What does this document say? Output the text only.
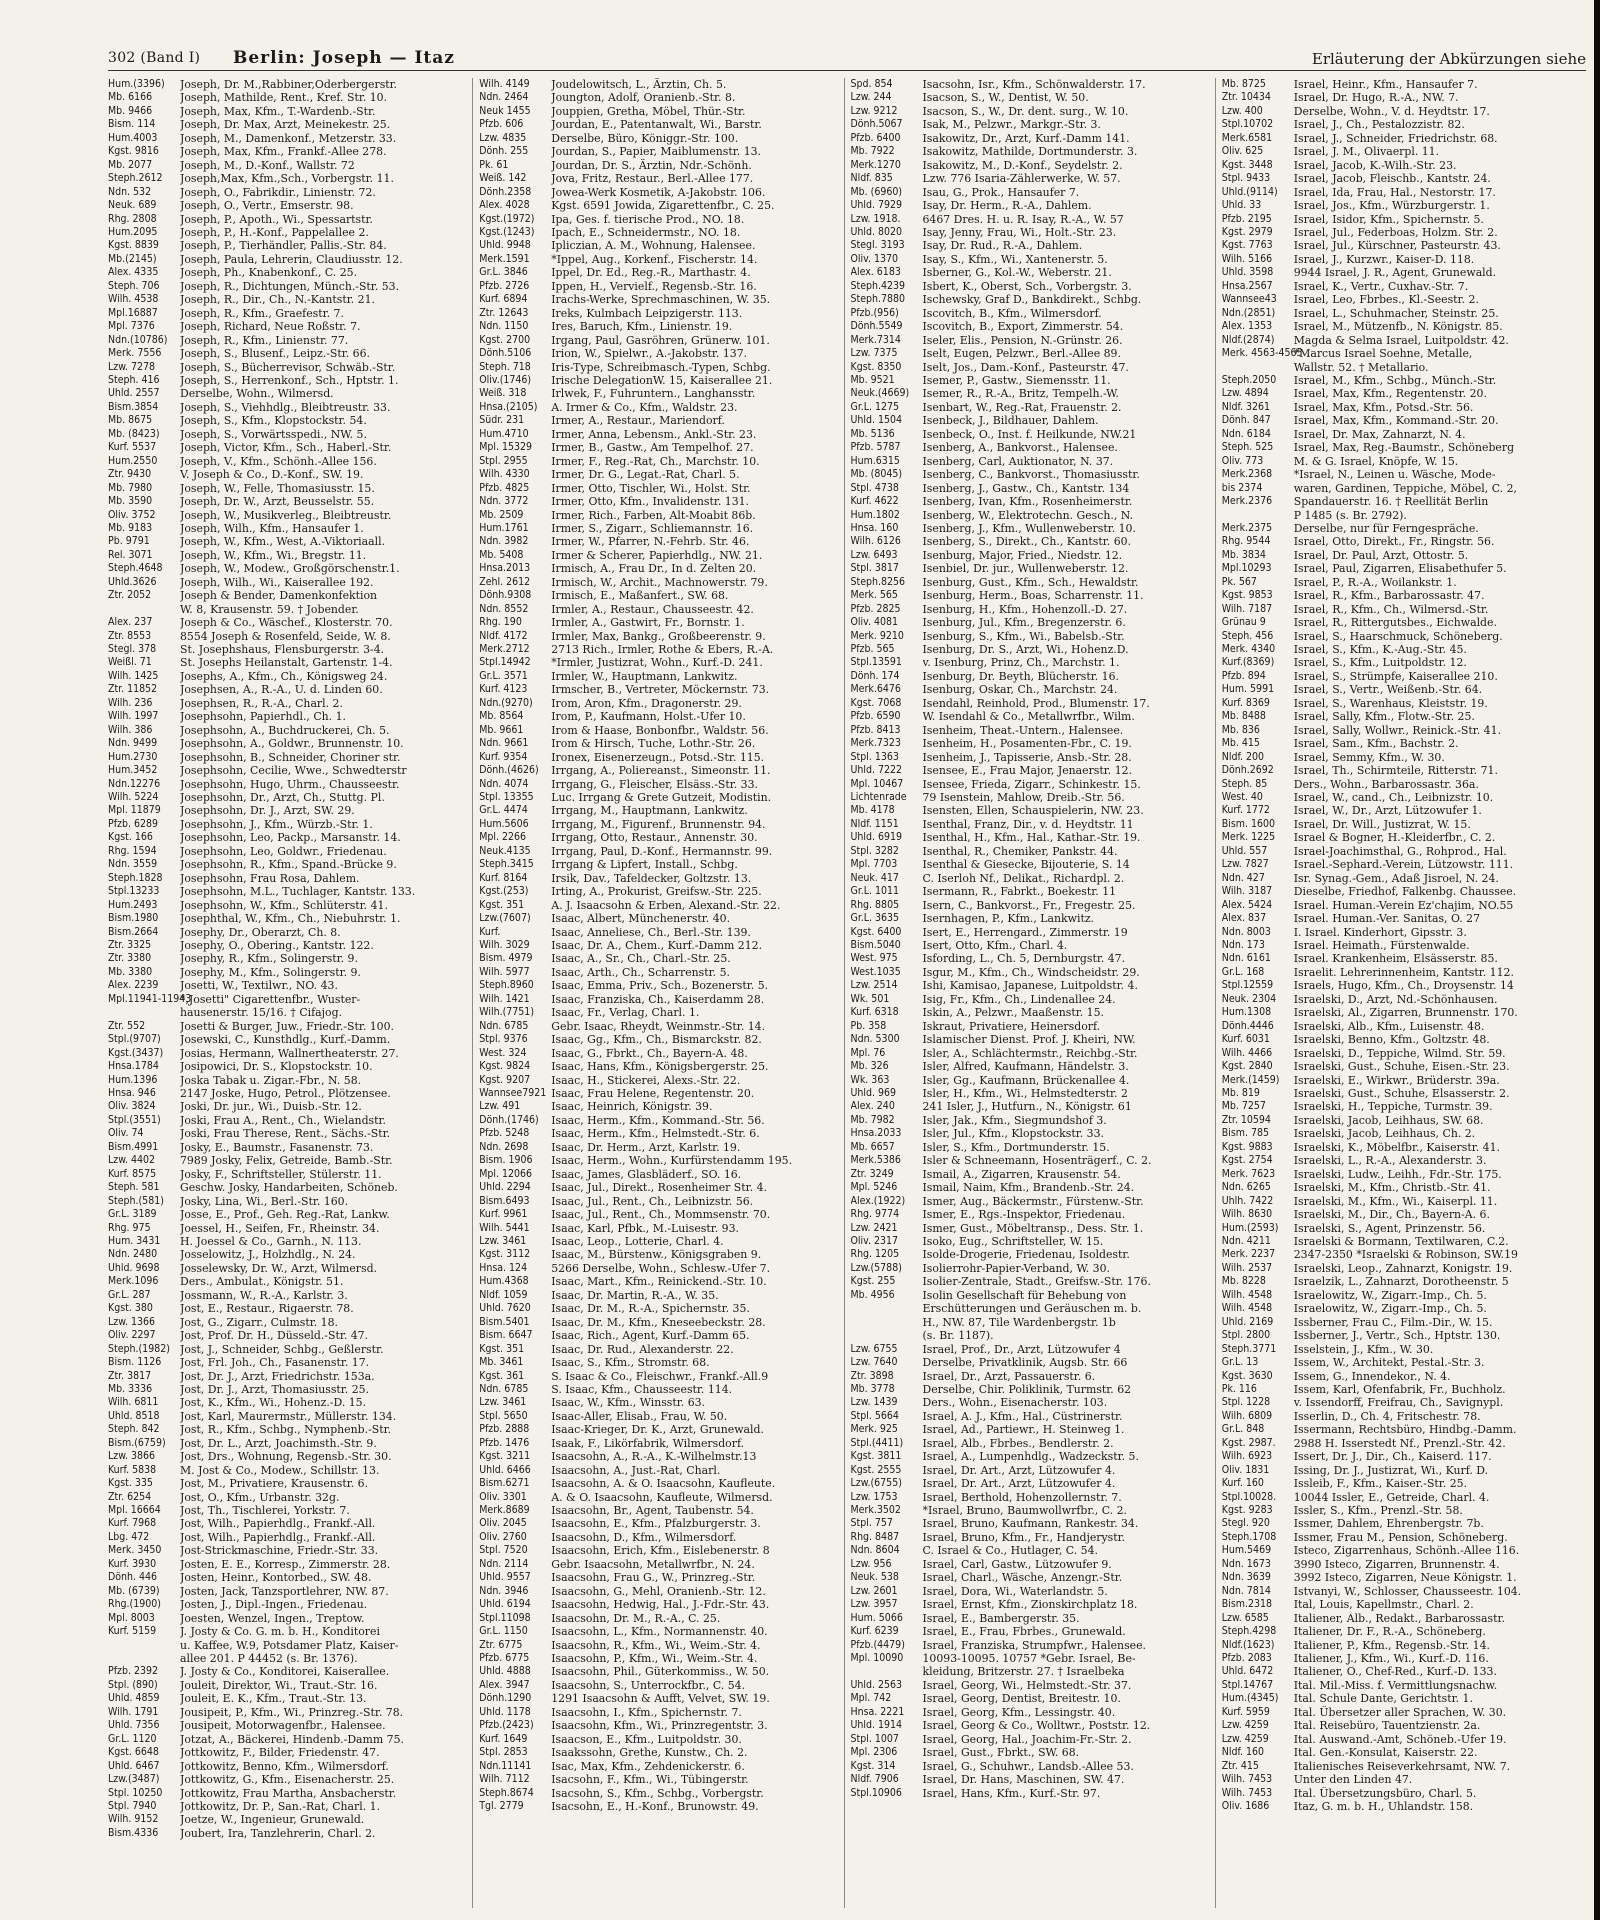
302 (Band I) Berlin: Joseph — Itaz	Erläuterung der Abkürzungen siehe
Hum.(3396)	Joseph, Dr. M.,Rabbiner,Oderbergerstr.
Mb. 6166	Joseph, Mathilde, Rent., Kref. Str. 10.
Mb. 9466	Joseph, Max, Kfm., T.-Wardenb.-Str.
Bism. 114	Joseph, Dr. Max, Arzt, Meinekestr. 25.
Hum.4003	Joseph, M., Damenkonf., Metzerstr. 33.
Kgst. 9816	Joseph, Max, Kfm., Frankf.-Allee 278.
Mb. 2077	Joseph, M., D.-Konf., Wallstr. 72
Steph.2612	Joseph,Max, Kfm.,Sch., Vorbergstr. 11.
Ndn. 532	Joseph, O., Fabrikdir., Linienstr. 72.
Neuk. 689	Joseph, O., Vertr., Emserstr. 98.
Rhg. 2808	Joseph, P., Apoth., Wi., Spessartstr.
Hum.2095	Joseph, P., H.-Konf., Pappelallee 2.
Kgst. 8839	Joseph, P., Tierhändler, Pallis.-Str. 84.
Mb.(2145)	Joseph, Paula, Lehrerin, Claudiusstr. 12.
Alex. 4335	Joseph, Ph., Knabenkonf., C. 25.
Steph. 706	Joseph, R., Dichtungen, Münch.-Str. 53.
Wilh. 4538	Joseph, R., Dir., Ch., N.-Kantstr. 21.
Mpl.16887	Joseph, R., Kfm., Graefestr. 7.
Mpl. 7376	Joseph, Richard, Neue Roßstr. 7.
Ndn.(10786)	Joseph, R., Kfm., Linienstr. 77.
Merk. 7556	Joseph, S., Blusenf., Leipz.-Str. 66.
Lzw. 7278	Joseph, S., Bücherrevisor, Schwäb.-Str.
Steph. 416	Joseph, S., Herrenkonf., Sch., Hptstr. 1.
Uhld. 2557	Derselbe, Wohn., Wilmersd.
Bism.3854	Joseph, S., Viehhdlg., Bleibtreustr. 33.
Mb. 8675	Joseph, S., Kfm., Klopstockstr. 54.
Mb. (8423)	Joseph, S., Vorwärtsspedi., NW. 5.
Kurf. 5537	Joseph, Victor, Kfm., Sch., Haberl.-Str.
Hum.2550	Joseph, V., Kfm., Schönh.-Allee 156.
Ztr. 9430	V. Joseph & Co., D.-Konf., SW. 19.
Mb. 7980	Joseph, W., Felle, Thomasiusstr. 15.
Mb. 3590	Joseph, Dr. W., Arzt, Beusselstr. 55.
Oliv. 3752	Joseph, W., Musikverleg., Bleibtreustr.
Mb. 9183	Joseph, Wilh., Kfm., Hansaufer 1.
Pb. 9791	Joseph, W., Kfm., West, A.-Viktoriaall.
Rel. 3071	Joseph, W., Kfm., Wi., Bregstr. 11.
Steph.4648	Joseph, W., Modew., Großgörschenstr.1.
Uhld.3626	Joseph, Wilh., Wi., Kaiserallee 192.
Ztr. 2052	Joseph & Bender, Damenkonfektion
W. 8, Krausenstr. 59. † Jobender.
Alex. 237	Joseph & Co., Wäschef., Klosterstr. 70.
Ztr. 8553	8554 Joseph & Rosenfeld, Seide, W. 8.
Stegl. 378	St. Josephshaus, Flensburgerstr. 3-4.
Weißl. 71	St. Josephs Heilanstalt, Gartenstr. 1-4.
Wilh. 1425	Josephs, A., Kfm., Ch., Königsweg 24.
Ztr. 11852	Josephsen, A., R.-A., U. d. Linden 60.
Wilh. 236	Josephsen, R., R.-A., Charl. 2.
Wilh. 1997	Josephsohn, Papierhdl., Ch. 1.
Wilh. 386	Josephsohn, A., Buchdruckerei, Ch. 5.
Ndn. 9499	Josephsohn, A., Goldwr., Brunnenstr. 10.
Hum.2730	Josephsohn, B., Schneider, Choriner str.
Hum.3452	Josephsohn, Cecilie, Wwe., Schwedterstr
Ndn.12276	Josephsohn, Hugo, Uhrm., Chausseestr.
Wilh. 5224	Josephsohn, Dr., Arzt, Ch., Stuttg. Pl.
Mpl. 11879	Josephsohn, Dr. J., Arzt, SW. 29.
Pfzb. 6289	Josephsohn, J., Kfm., Würzb.-Str. 1.
Kgst. 166	Josephsohn, Leo, Packp., Marsanstr. 14.
Rhg. 1594	Josephsohn, Leo, Goldwr., Friedenau.
Ndn. 3559	Josephsohn, R., Kfm., Spand.-Brücke 9.
Steph.1828	Josephsohn, Frau Rosa, Dahlem.
Stpl.13233	Josephsohn, M.L., Tuchlager, Kantstr. 133.
Hum.2493	Josephsohn, W., Kfm., Schlüterstr. 41.
Bism.1980	Josephthal, W., Kfm., Ch., Niebuhrstr. 1.
Bism.2664	Josephy, Dr., Oberarzt, Ch. 8.
Ztr. 3325	Josephy, O., Obering., Kantstr. 122.
Ztr. 3380	Josephy, R., Kfm., Solingerstr. 9.
Mb. 3380	Josephy, M., Kfm., Solingerstr. 9.
Alex. 2239	Josetti, W., Textilwr., NO. 43.
Mpl.11941-11943
*,Josetti" Cigarettenfbr., Wuster-
hausenerstr. 15/16. † Cifajog.
Ztr. 552	Josetti & Burger, Juw., Friedr.-Str. 100.
Stpl.(9707)	Josewski, C., Kunsthdlg., Kurf.-Damm.
Kgst.(3437)	Josias, Hermann, Wallnertheaterstr. 27.
Hnsa.1784	Josipowici, Dr. S., Klopstockstr. 10.
Hum.1396	Joska Tabak u. Zigar.-Fbr., N. 58.
Hnsa. 946	2147 Joske, Hugo, Petrol., Plötzensee.
Oliv. 3824	Joski, Dr. jur., Wi., Duisb.-Str. 12.
Stpl.(3551)	Joski, Frau A., Rent., Ch., Wielandstr.
Oliv. 74	Joski, Frau Therese, Rent., Sächs.-Str.
Bism.4991	Josky, E., Baumstr., Fasanenstr. 73.
Lzw. 4402	7989 Josky, Felix, Getreide, Bamb.-Str.
Kurf. 8575	Josky, F., Schriftsteller, Stülerstr. 11.
Steph. 581	Geschw. Josky, Handarbeiten, Schöneb.
Steph.(581)	Josky, Lina, Wi., Berl.-Str. 160.
Gr.L. 3189	Josse, E., Prof., Geh. Reg.-Rat, Lankw.
Rhg. 975	Joessel, H., Seifen, Fr., Rheinstr. 34.
Hum. 3431	H. Joessel & Co., Garnh., N. 113.
Ndn. 2480	Josselowitz, J., Holzhdlg., N. 24.
Uhld. 9698	Josselewsky, Dr. W., Arzt, Wilmersd.
Merk.1096	Ders., Ambulat., Königstr. 51.
Gr.L. 287	Jossmann, W., R.-A., Karlstr. 3.
Kgst. 380	Jost, E., Restaur., Rigaerstr. 78.
Lzw. 1366	Jost, G., Zigarr., Culmstr. 18.
Oliv. 2297	Jost, Prof. Dr. H., Düsseld.-Str. 47.
Steph.(1982) Jost, J., Schneider, Schbg., Geßlerstr.
Bism. 1126	Jost, Frl. Joh., Ch., Fasanenstr. 17.
Ztr. 3817	Jost, Dr. J., Arzt, Friedrichstr. 153a.
Mb. 3336	Jost, Dr. J., Arzt, Thomasiusstr. 25.
Wilh. 6811	Jost, K., Kfm., Wi., Hohenz.-D. 15.
Uhld. 8518	Jost, Karl, Maurermstr., Müllerstr. 134.
Steph. 842	Jost, R., Kfm., Schbg., Nymphenb.-Str.
Bism.(6759)	Jost, Dr. L., Arzt, Joachimsth.-Str. 9.
Lzw. 3866	Jost, Drs., Wohnung, Regensb.-Str. 30.
Kurf. 5838	M. Jost & Co., Modew., Schillstr. 13.
Kgst. 335	Jost, M., Privatiere, Krausenstr. 6.
Ztr. 6254	Jost, O., Kfm., Urbanstr. 32g.
Mpl. 16664	Jost, Th., Tischlerei, Yorkstr. 7.
Kurf. 7968	Jost, Wilh., Papierhdlg., Frankf.-All.
Lbg. 472	Jost, Wilh., Papierhdlg., Frankf.-All.
Merk. 3450	Jost-Strickmaschine, Friedr.-Str. 33.
Kurf. 3930	Josten, E. E., Korresp., Zimmerstr. 28.
Dönh. 446	Josten, Heinr., Kontorbed., SW. 48.
Mb. (6739)	Josten, Jack, Tanzsportlehrer, NW. 87.
Rhg.(1900)	Josten, J., Dipl.-Ingen., Friedenau.
Mpl. 8003	Joesten, Wenzel, Ingen., Treptow.
Kurf. 5159	J. Josty & Co. G. m. b. H., Konditorei
u. Kaffee, W.9, Potsdamer Platz, Kaiser-
allee 201. P 44452 (s. Br. 1376).
Pfzb. 2392	J. Josty & Co., Konditorei, Kaiserallee.
Stpl. (890)	Jouleit, Direktor, Wi., Traut.-Str. 16.
Uhld. 4859	Jouleit, E. K., Kfm., Traut.-Str. 13.
Wilh. 1791	Jousipeit, P., Kfm., Wi., Prinzreg.-Str. 78.
Uhld. 7356	Jousipeit, Motorwagenfbr., Halensee.
Gr.L. 1120	Jotzat, A., Bäckerei, Hindenb.-Damm 75.
Kgst. 6648	Jottkowitz, F., Bilder, Friedenstr. 47.
Uhld. 6467	Jottkowitz, Benno, Kfm., Wilmersdorf.
Lzw.(3487)	Jottkowitz, G., Kfm., Eisenacherstr. 25.
Stpl. 10250	Jottkowitz, Frau Martha, Ansbacherstr.
Stpl. 7940	Jottkowitz, Dr. P., San.-Rat, Charl. 1.
Wilh. 9152	Joetze, W., Ingenieur, Grunewald.
Bism.4336	Joubert, Ira, Tanzlehrerin, Charl. 2.
Wilh. 4149	Joudelowitsch, L., Ärztin, Ch. 5.
Ndn. 2464	Joungton, Adolf, Oranienb.-Str. 8.
Neuk 1455	Jouppien, Gretha, Möbel, Thür.-Str.
Pfzb. 606	Jourdan, E., Patentanwalt, Wi., Barstr.
Lzw. 4835	Derselbe, Büro, Königgr.-Str. 100.
Dönh. 255	Jourdan, S., Papier, Maiblumenstr. 13.
Pk. 61	Jourdan, Dr. S., Ärztin, Ndr.-Schönh.
Weiß. 142	Jova, Fritz, Restaur., Berl.-Allee 177.
Dönh.2358	Jowea-Werk Kosmetik, A-Jakobstr. 106.
Alex. 4028	Kgst. 6591 Jowida, Zigarettenfbr., C. 25.
Kgst.(1972)	Ipa, Ges. f. tierische Prod., NO. 18.
Kgst.(1243)	Ipach, E., Schneidermstr., NO. 18.
Uhld. 9948	Ipliczian, A. M., Wohnung, Halensee.
Merk.1591	*Ippel, Aug., Korkenf., Fischerstr. 14.
Gr.L. 3846	Ippel, Dr. Ed., Reg.-R., Marthastr. 4.
Pfzb. 2726	Ippen, H., Vervielf., Regensb.-Str. 16.
Kurf. 6894	Irachs-Werke, Sprechmaschinen, W. 35.
Ztr. 12643	Ireks, Kulmbach Leipzigerstr. 113.
Ndn. 1150	Ires, Baruch, Kfm., Linienstr. 19.
Kgst. 2700	Irgang, Paul, Gasröhren, Grünerw. 101.
Dönh.5106	Irion, W., Spielwr., A.-Jakobstr. 137.
Steph. 718	Iris-Type, Schreibmasch.-Typen, Schbg.
Oliv.(1746)	Irische DelegationW. 15, Kaiserallee 21.
Weiß. 318	Irlwek, F., Fuhruntern., Langhansstr.
Hnsa.(2105)	A. Irmer & Co., Kfm., Waldstr. 23.
Südr. 231	Irmer, A., Restaur., Mariendorf.
Hum.4710	Irmer, Anna, Lebensm., Ankl.-Str. 23.
Mpl. 15329	Irmer, B., Gastw., Am Tempelhof. 27.
Stpl. 2955	Irmer, F., Reg.-Rat, Ch., Marchstr. 10.
Wilh. 4330	Irmer, Dr. G., Legat.-Rat, Charl. 5.
Pfzb. 4825	Irmer, Otto, Tischler, Wi., Holst. Str.
Ndn. 3772	Irmer, Otto, Kfm., Invalidenstr. 131.
Mb. 2509	Irmer, Rich., Farben, Alt-Moabit 86b.
Hum.1761	Irmer, S., Zigarr., Schliemannstr. 16.
Ndn. 3982	Irmer, W., Pfarrer, N.-Fehrb. Str. 46.
Mb. 5408	Irmer & Scherer, Papierhdlg., NW. 21.
Hnsa.2013	Irmisch, A., Frau Dr., In d. Zelten 20.
Zehl. 2612	Irmisch, W., Archit., Machnowerstr. 79.
Dönh.9308	Irmisch, E., Maßanfert., SW. 68.
Ndn. 8552	Irmler, A., Restaur., Chausseestr. 42.
Rhg. 190	Irmler, A., Gastwirt, Fr., Bornstr. 1.
Nldf. 4172	Irmler, Max, Bankg., Großbeerenstr. 9.
Merk.2712	2713 Rich., Irmler, Rothe & Ebers, R.-A.
Stpl.14942	*Irmler, Justizrat, Wohn., Kurf.-D. 241.
Gr.L. 3571	Irmler, W., Hauptmann, Lankwitz.
Kurf. 4123	Irmscher, B., Vertreter, Möckernstr. 73.
Ndn.(9270)	Irom, Aron, Kfm., Dragonerstr. 29.
Mb. 8564	Irom, P., Kaufmann, Holst.-Ufer 10.
Mb. 9661	Irom & Haase, Bonbonfbr., Waldstr. 56.
Ndn. 9661	Irom & Hirsch, Tuche, Lothr.-Str. 26.
Kurf. 9354	Ironex, Eisenerzeugn., Potsd.-Str. 115.
Dönh.(4626)	Irrgang, A., Poliereanst., Simeonstr. 11.
Ndn. 4074	Irrgang, G., Fleischer, Elsäss.-Str. 33.
Stpl. 13355	Luc. Irrgang & Grete Gutzeit, Modistin.
Gr.L. 4474	Irrgang, M., Hauptmann, Lankwitz.
Hum.5606	Irrgang, M., Figurenf., Brunnenstr. 94.
Mpl. 2266	Irrgang, Otto, Restaur., Annenstr. 30.
Neuk.4135	Irrgang, Paul, D.-Konf., Hermannstr. 99.
Steph.3415	Irrgang & Lipfert, Install., Schbg.
Kurf. 8164	Irsik, Dav., Tafeldecker, Goltzstr. 13.
Kgst.(253)	Irting, A., Prokurist, Greifsw.-Str. 225.
Kgst. 351	A. J. Isaacsohn & Erben, Alexand.-Str. 22.
Lzw.(7607)	Isaac, Albert, Münchenerstr. 40.
Kurf.	Isaac, Anneliese, Ch., Berl.-Str. 139.
Wilh. 3029	Isaac, Dr. A., Chem., Kurf.-Damm 212.
Bism. 4979	Isaac, A., Sr., Ch., Charl.-Str. 25.
Wilh. 5977	Isaac, Arth., Ch., Scharrenstr. 5.
Steph.8960	Isaac, Emma, Priv., Sch., Bozenerstr. 5.
Wilh. 1421	Isaac, Franziska, Ch., Kaiserdamm 28.
Wilh.(7751)	Isaac, Fr., Verlag, Charl. 1.
Ndn. 6785	Gebr. Isaac, Rheydt, Weinmstr.-Str. 14.
Stpl. 9376	Isaac, Gg., Kfm., Ch., Bismarckstr. 82.
West. 324	Isaac, G., Fbrkt., Ch., Bayern-A. 48.
Kgst. 9824	Isaac, Hans, Kfm., Königsbergerstr. 25.
Kgst. 9207	Isaac, H., Stickerei, Alexs.-Str. 22.
Wannsee7921 Isaac, Frau Helene, Regentenstr. 20.
Lzw. 491	Isaac, Heinrich, Königstr. 39.
Dönh.(1746)	Isaac, Herm., Kfm., Kommand.-Str. 56.
Pfzb. 5248	Isaac, Herm., Kfm., Helmstedt.-Str. 6.
Ndn. 2698	Isaac, Dr. Herm., Arzt, Karlstr. 19.
Bism. 1906	Isaac, Herm., Wohn., Kurfürstendamm 195.
Mpl. 12066	Isaac, James, Glasbläderf., SO. 16.
Uhld. 2294	Isaac, Jul., Direkt., Rosenheimer Str. 4.
Bism.6493	Isaac, Jul., Rent., Ch., Leibnizstr. 56.
Kurf. 9961	Isaac, Jul., Rent., Ch., Mommsenstr. 70.
Wilh. 5441	Isaac, Karl, Pfbk., M.-Luisestr. 93.
Lzw. 3461	Isaac, Leop., Lotterie, Charl. 4.
Kgst. 3112	Isaac, M., Bürstenw., Königsgraben 9.
Hnsa. 124	5266 Derselbe, Wohn., Schlesw.-Ufer 7.
Hum.4368	Isaac, Mart., Kfm., Reinickend.-Str. 10.
Nldf. 1059	Isaac, Dr. Martin, R.-A., W. 35.
Uhld. 7620	Isaac, Dr. M., R.-A., Spichernstr. 35.
Bism.5401	Isaac, Dr. M., Kfm., Kneseebeckstr. 28.
Bism. 6647	Isaac, Rich., Agent, Kurf.-Damm 65.
Kgst. 351	Isaac, Dr. Rud., Alexanderstr. 22.
Mb. 3461	Isaac, S., Kfm., Stromstr. 68.
Kgst. 361	S. Isaac & Co., Fleischwr., Frankf.-All.9
Ndn. 6785	S. Isaac, Kfm., Chausseestr. 114.
Lzw. 3461	Isaac, W., Kfm., Winsstr. 63.
Stpl. 5650	Isaac-Aller, Elisab., Frau, W. 50.
Pfzb. 2888	Isaac-Krieger, Dr. K., Arzt, Grunewald.
Pfzb. 1476	Isaak, F., Likörfabrik, Wilmersdorf.
Kgst. 3211	Isaacsohn, A., R.-A., K.-Wilhelmstr.13
Uhld. 6466	Isaacsohn, A., Just.-Rat, Charl.
Bism.6271	Isaacsohn, A. & O. Isaacsohn, Kaufleute.
Oliv. 3301	A. & O. Isaacsohn, Kaufleute, Wilmersd.
Merk.8689	Isaacsohn, Br., Agent, Taubenstr. 54.
Oliv. 2045	Isaacsohn, E., Kfm., Pfalzburgerstr. 3.
Oliv. 2760	Isaacsohn, D., Kfm., Wilmersdorf.
Stpl. 7520	Isaacsohn, Erich, Kfm., Eislebenerstr. 8
Ndn. 2114	Gebr. Isaacsohn, Metallwrfbr., N. 24.
Uhld. 9557	Isaacsohn, Frau G., W., Prinzreg.-Str.
Ndn. 3946	Isaacsohn, G., Mehl, Oranienb.-Str. 12.
Uhld. 6194	Isaacsohn, Hedwig, Hal., J.-Fdr.-Str. 43.
Stpl.11098	Isaacsohn, Dr. M., R.-A., C. 25.
Gr.L. 1150	Isaacsohn, L., Kfm., Normannenstr. 40.
Ztr. 6775	Isaacsohn, R., Kfm., Wi., Weim.-Str. 4.
Pfzb. 6775	Isaacsohn, P., Kfm., Wi., Weim.-Str. 4.
Uhld. 4888	Isaacsohn, Phil., Güterkommiss., W. 50.
Alex. 3947	Isaacsohn, S., Unterrockfbr., C. 54.
Dönh.1290	1291 Isaacsohn & Aufft, Velvet, SW. 19.
Uhld. 1178	Isaacsohn, I., Kfm., Spichernstr. 7.
Pfzb.(2423)	Isaacsohn, Kfm., Wi., Prinzregentstr. 3.
Kurf. 1649	Isaacson, E., Kfm., Luitpoldstr. 30.
Stpl. 2853	Isaakssohn, Grethe, Kunstw., Ch. 2.
Ndn.11141	Isac, Max, Kfm., Zehdenickerstr. 6.
Wilh. 7112	Isacsohn, F., Kfm., Wi., Tübingerstr.
Steph.8674	Isacsohn, S., Kfm., Schbg., Vorbergstr.
Tgl. 2779	Isacsohn, E., H.-Konf., Brunowstr. 49.
Spd. 854	Isacsohn, Isr., Kfm., Schönwalderstr. 17.
Lzw. 244	Isacson, S., W., Dentist, W. 50.
Lzw. 9212	Isacson, S., W., Dr. dent. surg., W. 10.
Dönh.5067	Isak, M., Pelzwr., Markgr.-Str. 3.
Pfzb. 6400	Isakowitz, Dr., Arzt, Kurf.-Damm 141.
Mb. 7922	Isakowitz, Mathilde, Dortmunderstr. 3.
Merk.1270	Isakowitz, M., D.-Konf., Seydelstr. 2.
Nldf. 835	Lzw. 776 Isaria-Zählerwerke, W. 57.
Mb. (6960)	Isau, G., Prok., Hansaufer 7.
Uhld. 7929	Isay, Dr. Herm., R.-A., Dahlem.
Lzw. 1918.	6467 Dres. H. u. R. Isay, R.-A., W. 57
Uhld. 8020	Isay, Jenny, Frau, Wi., Holt.-Str. 23.
Stegl. 3193	Isay, Dr. Rud., R.-A., Dahlem.
Oliv. 1370	Isay, S., Kfm., Wi., Xantenerstr. 5.
Alex. 6183	Isberner, G., Kol.-W., Weberstr. 21.
Steph.4239	Isbert, K., Oberst, Sch., Vorbergstr. 3.
Steph.7880	Ischewsky, Graf D., Bankdirekt., Schbg.
Pfzb.(956)	Iscovitch, B., Kfm., Wilmersdorf.
Dönh.5549	Iscovitch, B., Export, Zimmerstr. 54.
Merk.7314	Iseler, Elis., Pension, N.-Grünstr. 26.
Lzw. 7375	Iselt, Eugen, Pelzwr., Berl.-Allee 89.
Kgst. 8350	Iselt, Jos., Dam.-Konf., Pasteurstr. 47.
Mb. 9521	Isemer, P., Gastw., Siemensstr. 11.
Neuk.(4669)	Isemer, R., R.-A., Britz, Tempelh.-W.
Gr.L. 1275	Isenbart, W., Reg.-Rat, Frauenstr. 2.
Uhld. 1504	Isenbeck, J., Bildhauer, Dahlem.
Mb. 5136	Isenbeck, O., Inst. f. Heilkunde, NW.21
Pfzb. 5787	Isenberg, A., Bankvorst., Halensee.
Hum.6315	Isenberg, Carl, Auktionator, N. 37.
Mb. (8045)	Isenberg, C., Bankvorst., Thomasiusstr.
Stpl. 4738	Isenberg, J., Gastw., Ch., Kantstr. 134
Kurf. 4622	Isenberg, Ivan, Kfm., Rosenheimerstr.
Hum.1802	Isenberg, W., Elektrotechn. Gesch., N.
Hnsa. 160	Isenberg, J., Kfm., Wullenweberstr. 10.
Wilh. 6126	Isenberg, S., Direkt., Ch., Kantstr. 60.
Lzw. 6493	Isenburg, Major, Fried., Niedstr. 12.
Stpl. 3817	Isenbiel, Dr. jur., Wullenweberstr. 12.
Steph.8256	Isenburg, Gust., Kfm., Sch., Hewaldstr.
Merk. 565	Isenburg, Herm., Boas, Scharrenstr. 11.
Pfzb. 2825	Isenburg, H., Kfm., Hohenzoll.-D. 27.
Oliv. 4081	Isenburg, Jul., Kfm., Bregenzerstr. 6.
Merk. 9210	Isenburg, S., Kfm., Wi., Babelsb.-Str.
Pfzb. 565	Isenburg, Dr. S., Arzt, Wi., Hohenz.D.
Stpl.13591	v. Isenburg, Prinz, Ch., Marchstr. 1.
Dönh. 174	Isenburg, Dr. Beyth, Blücherstr. 16.
Merk.6476	Isenburg, Oskar, Ch., Marchstr. 24.
Kgst. 7068	Isendahl, Reinhold, Prod., Blumenstr. 17.
Pfzb. 6590	W. Isendahl & Co., Metallwrfbr., Wilm.
Pfzb. 8413	Isenheim, Theat.-Untern., Halensee.
Merk.7323	Isenheim, H., Posamenten-Fbr., C. 19.
Stpl. 1363	Isenheim, J., Tapisserie, Ansb.-Str. 28.
Uhld. 7222	Isensee, E., Frau Major, Jenaerstr. 12.
Mpl. 10467	Isensee, Frieda, Zigarr., Schinkestr. 15.
Lichtenrade	79 Isenstein, Mahlow, Dreib.-Str. 56.
Mb. 4178	Isensten, Ellen, Schauspielerin, NW. 23.
Nldf. 1151	Isenthal, Franz, Dir., v. d. Heydtstr. 11
Uhld. 6919	Isenthal, H., Kfm., Hal., Kathar.-Str. 19.
Stpl. 3282	Isenthal, R., Chemiker, Pankstr. 44.
Mpl. 7703	Isenthal & Giesecke, Bijouterie, S. 14
Neuk. 417	C. Iserloh Nf., Delikat., Richardpl. 2.
Gr.L. 1011	Isermann, R., Fabrkt., Boekestr. 11
Rhg. 8805	Isern, C., Bankvorst., Fr., Fregestr. 25.
Gr.L. 3635	Isernhagen, P., Kfm., Lankwitz.
Kgst. 6400	Isert, E., Herrengard., Zimmerstr. 19
Bism.5040	Isert, Otto, Kfm., Charl. 4.
West. 975	Isfording, L., Ch. 5, Dernburgstr. 47.
West.1035	Isgur, M., Kfm., Ch., Windscheidstr. 29.
Lzw. 2514	Ishi, Kamisao, Japanese, Luitpoldstr. 4.
Wk. 501	Isig, Fr., Kfm., Ch., Lindenallee 24.
Kurf. 6318	Iskin, A., Pelzwr., Maaßenstr. 15.
Pb. 358	Iskraut, Privatiere, Heinersdorf.
Ndn. 5300	Islamischer Dienst. Prof. J. Kheiri, NW.
Mpl. 76	Isler, A., Schlächtermstr., Reichbg.-Str.
Mb. 326	Isler, Alfred, Kaufmann, Händelstr. 3.
Wk. 363	Isler, Gg., Kaufmann, Brückenallee 4.
Uhld. 969	Isler, H., Kfm., Wi., Helmstedterstr. 2
Alex. 240	241 Isler, J., Hutfurn., N., Königstr. 61
Mb. 7982	Isler, Jak., Kfm., Siegmundshof 3.
Hnsa.2033	Isler, Jul., Kfm., Klopstockstr. 33.
Mb. 6657	Isler, S., Kfm., Dortmunderstr. 15.
Merk.5386	Isler & Schneemann, Hosenträgerf., C. 2.
Ztr. 3249	Ismail, A., Zigarren, Krausenstr. 54.
Mpl. 5246	Ismail, Naim, Kfm., Brandenb.-Str. 24.
Alex.(1922)	Ismer, Aug., Bäckermstr., Fürstenw.-Str.
Rhg. 9774	Ismer, E., Rgs.-Inspektor, Friedenau.
Lzw. 2421	Ismer, Gust., Möbeltransp., Dess. Str. 1.
Oliv. 2317	Isoko, Eug., Schriftsteller, W. 15.
Rhg. 1205	Isolde-Drogerie, Friedenau, Isoldestr.
Lzw.(5788)	Isolierrohr-Papier-Verband, W. 30.
Kgst. 255	Isolier-Zentrale, Stadt., Greifsw.-Str. 176.
Mb. 4956	Isolin Gesellschaft für Behebung von
Erschütterungen und Geräuschen m. b.
H., NW. 87, Tile Wardenbergstr. 1b
(s. Br. 1187).
Lzw. 6755	Israel, Prof., Dr., Arzt, Lützowufer 4
Lzw. 7640	Derselbe, Privatklinik, Augsb. Str. 66
Ztr. 3898	Israel, Dr., Arzt, Passauerstr. 6.
Mb. 3778	Derselbe, Chir. Poliklinik, Turmstr. 62
Lzw. 1439	Ders., Wohn., Eisenacherstr. 103.
Stpl. 5664	Israel, A. J., Kfm., Hal., Cüstrinerstr.
Merk. 925	Israel, Ad., Partiewr., H. Steinweg 1.
Stpl.(4411)	Israel, Alb., Fbrbes., Bendlerstr. 2.
Kgst. 3811	Israel, A., Lumpenhdlg., Wadzeckstr. 5.
Kgst. 2555	Israel, Dr. Art., Arzt, Lützowufer 4.
Lzw.(6755)	Israel, Dr. Art., Arzt, Lützowufer 4.
Lzw. 1753	Israel, Berthold, Hohenzollernstr. 7.
Merk.3502	*Israel, Bruno, Baumwollwrfbr., C. 2.
Stpl. 757	Israel, Bruno, Kaufmann, Rankestr. 34.
Rhg. 8487	Israel, Bruno, Kfm., Fr., Handjerystr.
Ndn. 8604	C. Israel & Co., Hutlager, C. 54.
Lzw. 956	Israel, Carl, Gastw., Lützowufer 9.
Neuk. 538	Israel, Charl., Wäsche, Anzengr.-Str.
Lzw. 2601	Israel, Dora, Wi., Waterlandstr. 5.
Lzw. 3957	Israel, Ernst, Kfm., Zionskirchplatz 18.
Hum. 5066	Israel, E., Bambergerstr. 35.
Kurf. 6239	Israel, E., Frau, Fbrbes., Grunewald.
Pfzb.(4479)	Israel, Franziska, Strumpfwr., Halensee.
Mpl. 10090	10093-10095. 10757 *Gebr. Israel, Be-
kleidung, Britzerstr. 27. † Israelbeka
Uhld. 2563	Israel, Georg, Wi., Helmstedt.-Str. 37.
Mpl. 742	Israel, Georg, Dentist, Breitestr. 10.
Hnsa. 2221	Israel, Georg, Kfm., Lessingstr. 40.
Uhld. 1914	Israel, Georg & Co., Wolltwr., Poststr. 12.
Stpl. 1007	Israel, Georg, Hal., Joachim-Fr.-Str. 2.
Mpl. 2306	Israel, Gust., Fbrkt., SW. 68.
Kgst. 314	Israel, G., Schuhwr., Landsb.-Allee 53.
Nldf. 7906	Israel, Dr. Hans, Maschinen, SW. 47.
Stpl.10906	Israel, Hans, Kfm., Kurf.-Str. 97.
Mb. 8725	Israel, Heinr., Kfm., Hansaufer 7.
Ztr. 10434	Israel, Dr. Hugo, R.-A., NW. 7.
Lzw. 400	Derselbe, Wohn., V. d. Heydtstr. 17.
Stpl.10702	Israel, J., Ch., Pestalozzistr. 82.
Merk.6581	Israel, J., Schneider, Friedrichstr. 68.
Oliv. 625	Israel, J. M., Olivaerpl. 11.
Kgst. 3448	Israel, Jacob, K.-Wilh.-Str. 23.
Stpl. 9433	Israel, Jacob, Fleischb., Kantstr. 24.
Uhld.(9114)	Israel, Ida, Frau, Hal., Nestorstr. 17.
Uhld. 33	Israel, Jos., Kfm., Würzburgerstr. 1.
Pfzb. 2195	Israel, Isidor, Kfm., Spichernstr. 5.
Kgst. 2979	Israel, Jul., Federboas, Holzm. Str. 2.
Kgst. 7763	Israel, Jul., Kürschner, Pasteurstr. 43.
Wilh. 5166	Israel, J., Kurzwr., Kaiser-D. 118.
Uhld. 3598	9944 Israel, J. R., Agent, Grunewald.
Hnsa.2567	Israel, K., Vertr., Cuxhav.-Str. 7.
Wannsee43	Israel, Leo, Fbrbes., Kl.-Seestr. 2.
Ndn.(2851)	Israel, L., Schuhmacher, Steinstr. 25.
Alex. 1353	Israel, M., Mützenfb., N. Königstr. 85.
Nldf.(2874)	Magda & Selma Israel, Luitpoldstr. 42.
Merk. 4563-4565
*Marcus Israel Soehne, Metalle,
Wallstr. 52. † Metallario.
Steph.2050	Israel, M., Kfm., Schbg., Münch.-Str.
Lzw. 4894	Israel, Max, Kfm., Regentenstr. 20.
Nldf. 3261	Israel, Max, Kfm., Potsd.-Str. 56.
Dönh. 847	Israel, Max, Kfm., Kommand.-Str. 20.
Ndn. 6184	Israel, Dr. Max, Zahnarzt, N. 4.
Steph. 525	Israel, Max, Reg.-Baumstr., Schöneberg
Oliv. 773	M. & G. Israel, Knöpfe, W. 15.
Merk.2368	*Israel, N., Leinen u. Wäsche, Mode-
bis 2374	waren, Gardinen, Teppiche, Möbel, C. 2,
Merk.2376	Spandauerstr. 16. † Reellität Berlin
P 1485 (s. Br. 2792).
Merk.2375	Derselbe, nur für Ferngespräche.
Rhg. 9544	Israel, Otto, Direkt., Fr., Ringstr. 56.
Mb. 3834	Israel, Dr. Paul, Arzt, Ottostr. 5.
Mpl.10293	Israel, Paul, Zigarren, Elisabethufer 5.
Pk. 567	Israel, P., R.-A., Woilankstr. 1.
Kgst. 9853	Israel, R., Kfm., Barbarossastr. 47.
Wilh. 7187	Israel, R., Kfm., Ch., Wilmersd.-Str.
Grünau 9	Israel, R., Rittergutsbes., Eichwalde.
Steph. 456	Israel, S., Haarschmuck, Schöneberg.
Merk. 4340	Israel, S., Kfm., K.-Aug.-Str. 45.
Kurf.(8369)	Israel, S., Kfm., Luitpoldstr. 12.
Pfzb. 894	Israel, S., Strümpfe, Kaiserallee 210.
Hum. 5991	Israel, S., Vertr., Weißenb.-Str. 64.
Kurf. 8369	Israel, S., Warenhaus, Kleiststr. 19.
Mb. 8488	Israel, Sally, Kfm., Flotw.-Str. 25.
Mb. 836	Israel, Sally, Wollwr., Reinick.-Str. 41.
Mb. 415	Israel, Sam., Kfm., Bachstr. 2.
Nldf. 200	Israel, Semmy, Kfm., W. 30.
Dönh.2692	Israel, Th., Schirmteile, Ritterstr. 71.
Steph. 85	Ders., Wohn., Barbarossastr. 36a.
West. 40	Israel, W., cand., Ch., Leibnizstr. 10.
Kurf. 1772	Israel, W., Dr., Arzt, Lützowufer 1.
Bism. 1600	Israel, Dr. Will., Justizrat, W. 15.
Merk. 1225	Israel & Bogner, H.-Kleiderfbr., C. 2.
Uhld. 557	Israel-Joachimsthal, G., Rohprod., Hal.
Lzw. 7827	Israel.-Sephard.-Verein, Lützowstr. 111.
Ndn. 427	Isr. Synag.-Gem., Adaß Jisroel, N. 24.
Wilh. 3187	Dieselbe, Friedhof, Falkenbg. Chaussee.
Alex. 5424	Israel. Human.-Verein Ez'chajim, NO.55
Alex. 837	Israel. Human.-Ver. Sanitas, O. 27
Ndn. 8003	I. Israel. Kinderhort, Gipsstr. 3.
Ndn. 173	Israel. Heimath., Fürstenwalde.
Ndn. 6161	Israel. Krankenheim, Elsässerstr. 85.
Gr.L. 168	Israelit. Lehrerinnenheim, Kantstr. 112.
Stpl.12559	Israels, Hugo, Kfm., Ch., Droysenstr. 14
Neuk. 2304	Israelski, D., Arzt, Nd.-Schönhausen.
Hum.1308	Israelski, Al., Zigarren, Brunnenstr. 170.
Dönh.4446	Israelski, Alb., Kfm., Luisenstr. 48.
Kurf. 6031	Israelski, Benno, Kfm., Goltzstr. 48.
Wilh. 4466	Israelski, D., Teppiche, Wilmd. Str. 59.
Kgst. 2840	Israelski, Gust., Schuhe, Eisen.-Str. 23.
Merk.(1459)	Israelski, E., Wirkwr., Brüderstr. 39a.
Mb. 819	Israelski, Gust., Schuhe, Elsasserstr. 2.
Mb. 7257	Israelski, H., Teppiche, Turmstr. 39.
Ztr. 10594	Israelski, Jacob, Leihhaus, SW. 68.
Bism. 785	Israelski, Jacob, Leihhaus, Ch. 2.
Kgst. 9883	Israelski, K., Möbelfbr., Kaiserstr. 41.
Kgst. 2754	Israelski, L., R.-A., Alexanderstr. 3.
Merk. 7623	Israelski, Ludw., Leihh., Fdr.-Str. 175.
Ndn. 6265	Israelski, M., Kfm., Christb.-Str. 41.
Uhlh. 7422	Israelski, M., Kfm., Wi., Kaiserpl. 11.
Wilh. 8630	Israelski, M., Dir., Ch., Bayern-A. 6.
Hum.(2593)	Israelski, S., Agent, Prinzenstr. 56.
Ndn. 4211	Israelski & Bormann, Textilwaren, C.2.
Merk. 2237	2347-2350 *Israelski & Robinson, SW.19
Wilh. 2537	Israelski, Leop., Zahnarzt, Konigstr. 19.
Mb. 8228	Israelzik, L., Zahnarzt, Dorotheenstr. 5
Wilh. 4548	Israelowitz, W., Zigarr.-Imp., Ch. 5.
Wilh. 4548	Israelowitz, W., Zigarr.-Imp., Ch. 5.
Uhld. 2169	Issberner, Frau C., Film.-Dir., W. 15.
Stpl. 2800	Issberner, J., Vertr., Sch., Hptstr. 130.
Steph.3771	Isselstein, J., Kfm., W. 30.
Gr.L. 13	Issem, W., Architekt, Pestal.-Str. 3.
Kgst. 3630	Issem, G., Innendekor., N. 4.
Pk. 116	Issem, Karl, Ofenfabrik, Fr., Buchholz.
Stpl. 1228	v. Issendorff, Freifrau, Ch., Savignypl.
Wilh. 6809	Isserlin, D., Ch. 4, Fritschestr. 78.
Gr.L. 848	Issermann, Rechtsbüro, Hindbg.-Damm.
Kgst. 2987.	2988 H. Isserstedt Nf., Prenzl.-Str. 42.
Wilh. 6923	Issert, Dr. J., Dir., Ch., Kaiserd. 117.
Oliv. 1831	Issing, Dr. J., Justizrat, Wi., Kurf. D.
Kurf. 160	Issleib, F., Kfm., Kaiser.-Str. 25.
Stpl.10028.	10044 Issler, E., Getreide, Charl. 4.
Kgst. 9283	Issler, S., Kfm., Prenzl.-Str. 58.
Stegl. 920	Issmer, Dahlem, Ehrenbergstr. 7b.
Steph.1708	Issmer, Frau M., Pension, Schöneberg.
Hum.5469	Isteco, Zigarrenhaus, Schönh.-Allee 116.
Ndn. 1673	3990 Isteco, Zigarren, Brunnenstr. 4.
Ndn. 3639	3992 Isteco, Zigarren, Neue Königstr. 1.
Ndn. 7814	Istvanyi, W., Schlosser, Chausseestr. 104.
Bism.2318	Ital, Louis, Kapellmstr., Charl. 2.
Lzw. 6585	Italiener, Alb., Redakt., Barbarossastr.
Steph.4298	Italiener, Dr. F., R.-A., Schöneberg.
Nldf.(1623)	Italiener, P., Kfm., Regensb.-Str. 14.
Pfzb. 2083	Italiener, J., Kfm., Wi., Kurf.-D. 116.
Uhld. 6472	Italiener, O., Chef-Red., Kurf.-D. 133.
Stpl.14767	Ital. Mil.-Miss. f. Vermittlungsnachw.
Hum.(4345)	Ital. Schule Dante, Gerichtstr. 1.
Kurf. 5959	Ital. Übersetzer aller Sprachen, W. 30.
Lzw. 4259	Ital. Reisebüro, Tauentzienstr. 2a.
Lzw. 4259	Ital. Auswand.-Amt, Schöneb.-Ufer 19.
Nldf. 160	Ital. Gen.-Konsulat, Kaiserstr. 22.
Ztr. 415	Italienisches Reiseverkehrsamt, NW. 7.
Wilh. 7453	Unter den Linden 47.
Wilh. 7453	Ital. Übersetzungsbüro, Charl. 5.
Oliv. 1686	Itaz, G. m. b. H., Uhlandstr. 158.
